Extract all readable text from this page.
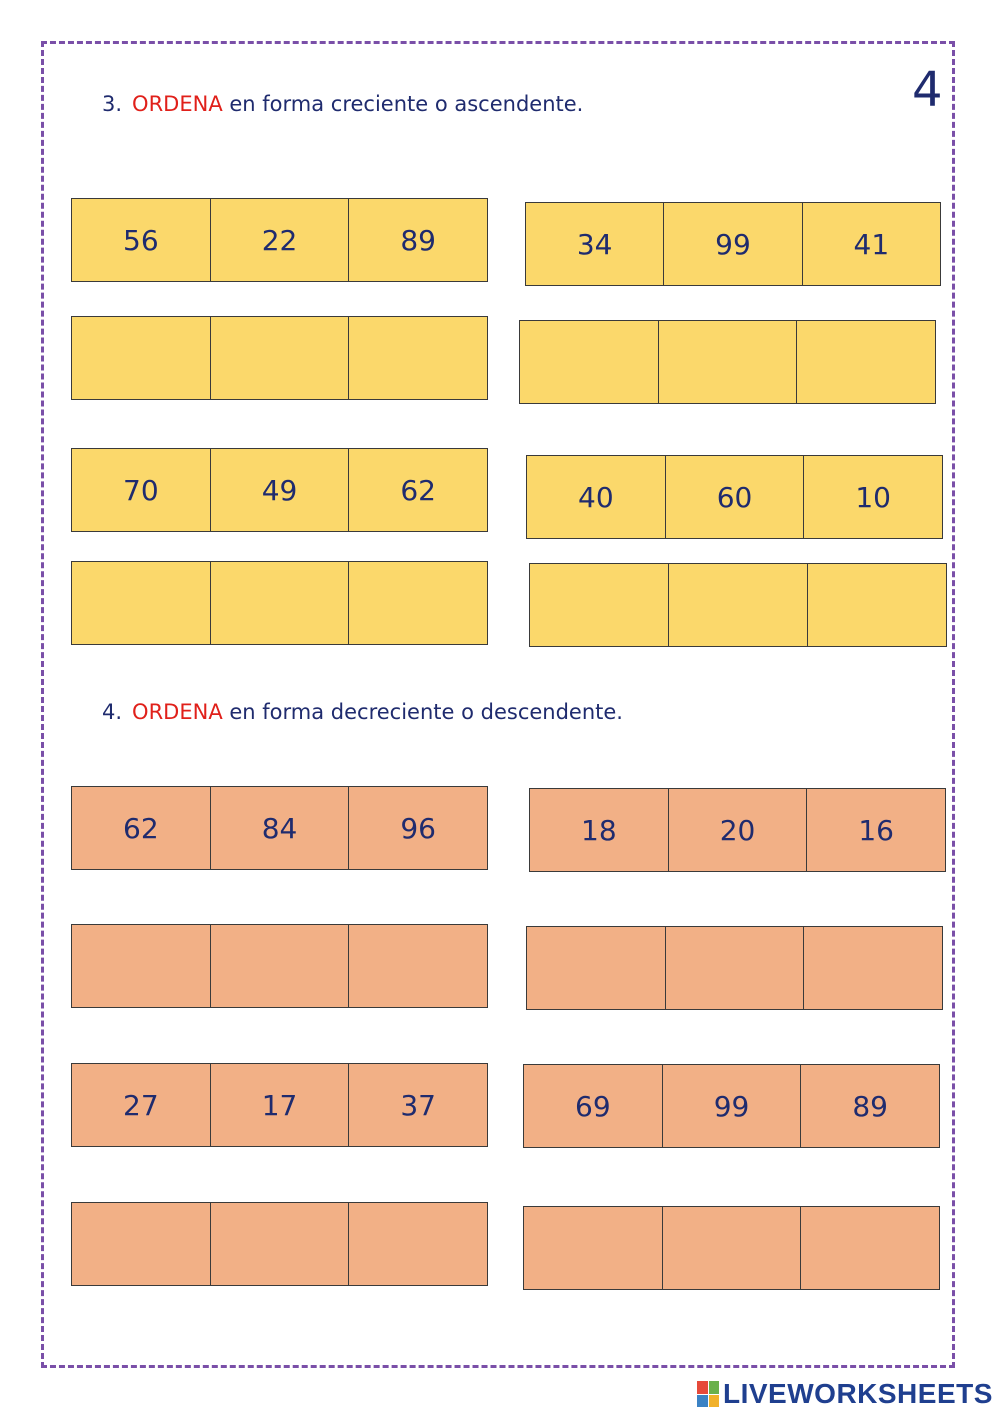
4
3. ORDENA en forma creciente o ascendente.
56	22	89	34	99	41
70	49	62	40	60	10
4. ORDENA en forma decreciente o descendente.
62	84	96	18	20	16
27	17	37	69	99	89
LIVEWORKSHEETS
